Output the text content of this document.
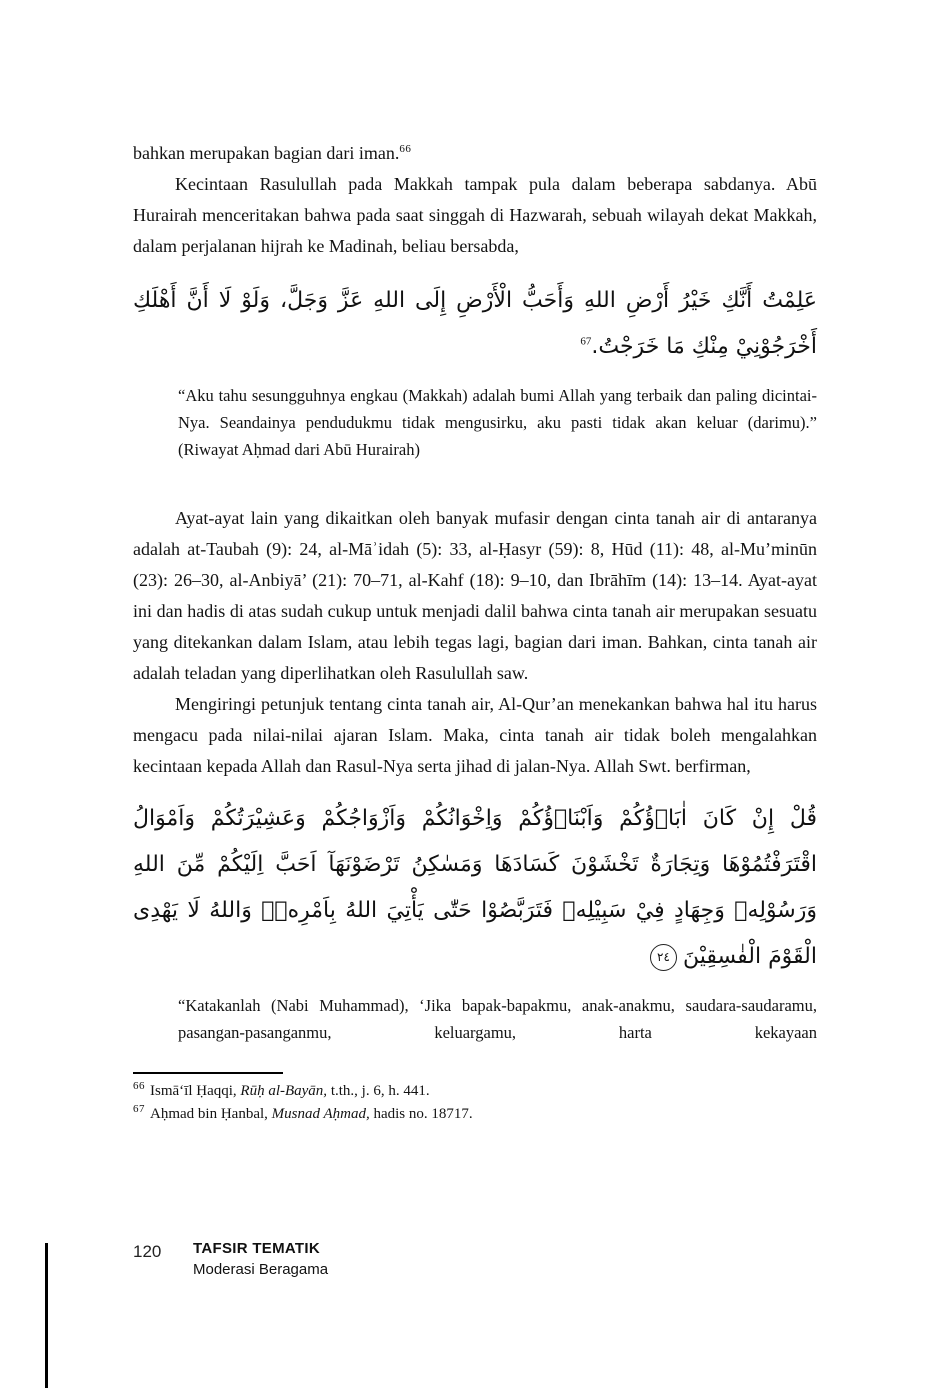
bahkan merupakan bagian dari iman.$^{66}$

Kecintaan Rasulullah pada Makkah tampak pula dalam beberapa sabdanya. Abū Hurairah menceritakan bahwa pada saat singgah di Hazwarah, sebuah wilayah dekat Makkah, dalam perjalanan hijrah ke Madinah, beliau bersabda,

عَلِمْتُ أَنَّكِ خَيْرُ أَرْضِ اللهِ وَأَحَبُّ الْأَرْضِ إِلَى اللهِ عَزَّ وَجَلَّ، وَلَوْ لَا أَنَّ أَهْلَكِ أَخْرَجُوْنِيْ مِنْكِ مَا خَرَجْتُ.$^{67}$

“Aku tahu sesungguhnya engkau (Makkah) adalah bumi Allah yang terbaik dan paling dicintai-Nya. Seandainya pendudukmu tidak mengusirku, aku pasti tidak akan keluar (darimu).” (Riwayat Aḥmad dari Abū Hurairah)

Ayat-ayat lain yang dikaitkan oleh banyak mufasir dengan cinta tanah air di antaranya adalah at-Taubah (9): 24, al-Māʾidah (5): 33, al-Ḥasyr (59): 8, Hūd (11): 48, al-Mu’minūn (23): 26–30, al-Anbiyā’ (21): 70–71, al-Kahf (18): 9–10, dan Ibrāhīm (14): 13–14. Ayat-ayat ini dan hadis di atas sudah cukup untuk menjadi dalil bahwa cinta tanah air merupakan sesuatu yang ditekankan dalam Islam, atau lebih tegas lagi, bagian dari iman. Bahkan, cinta tanah air adalah teladan yang diperlihatkan oleh Rasulullah saw.

Mengiringi petunjuk tentang cinta tanah air, Al-Qur’an menekankan bahwa hal itu harus mengacu pada nilai-nilai ajaran Islam. Maka, cinta tanah air tidak boleh mengalahkan kecintaan kepada Allah dan Rasul-Nya serta jihad di jalan-Nya. Allah Swt. berfirman,

قُلْ إِنْ كَانَ اٰبَاۤؤُكُمْ وَاَبْنَاۤؤُكُمْ وَاِخْوَانُكُمْ وَاَزْوَاجُكُمْ وَعَشِيْرَتُكُمْ وَاَمْوَالُ اقْتَرَفْتُمُوْهَا وَتِجَارَةٌ تَخْشَوْنَ كَسَادَهَا وَمَسٰكِنُ تَرْضَوْنَهَآ اَحَبَّ اِلَيْكُمْ مِّنَ اللهِ وَرَسُوْلِهٖ وَجِهَادٍ فِيْ سَبِيْلِهٖ فَتَرَبَّصُوْا حَتّٰى يَأْتِيَ اللهُ بِاَمْرِهٖۗ وَاللهُ لَا يَهْدِى الْقَوْمَ الْفٰسِقِيْنَ٢٤

“Katakanlah (Nabi Muhammad), ‘Jika bapak-bapakmu, anak-anakmu, saudara-saudaramu, pasangan-pasanganmu, keluargamu, harta kekayaan

$^{66}$ Ismā‘īl Ḥaqqi, Rūḥ al-Bayān, t.th., j. 6, h. 441.

$^{67}$ Aḥmad bin Ḥanbal, Musnad Aḥmad, hadis no. 18717.

120 TAFSIR TEMATIK
Moderasi Beragama
